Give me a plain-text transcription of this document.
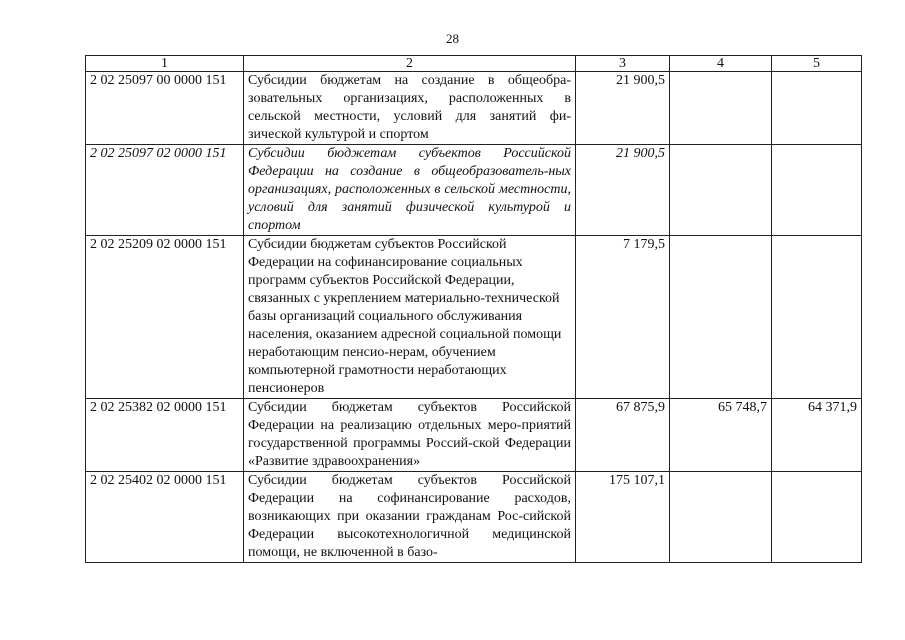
28
1	2	3	4	5
2 02 25097 00 0000 151	Субсидии бюджетам на создание в общеобра-зовательных организациях, расположенных в сельской местности, условий для занятий фи-зической культурой и спортом	21 900,5		
2 02 25097 02 0000 151	Субсидии бюджетам субъектов Российской Федерации на создание в общеобразователь-ных организациях, расположенных в сельской местности, условий для занятий физической культурой и спортом	21 900,5		
2 02 25209 02 0000 151	Субсидии бюджетам субъектов Российской Федерации на софинансирование социальных программ субъектов Российской Федерации, связанных с укреплением материально-технической базы организаций социального обслуживания населения, оказанием адресной социальной помощи неработающим пенсио-нерам, обучением компьютерной грамотности неработающих пенсионеров	7 179,5		
2 02 25382 02 0000 151	Субсидии бюджетам субъектов Российской Федерации на реализацию отдельных меро-приятий государственной программы Россий-ской Федерации «Развитие здравоохранения»	67 875,9	65 748,7	64 371,9
2 02 25402 02 0000 151	Субсидии бюджетам субъектов Российской Федерации на софинансирование расходов, возникающих при оказании гражданам Рос-сийской Федерации высокотехнологичной медицинской помощи, не включенной в базо-	175 107,1		
